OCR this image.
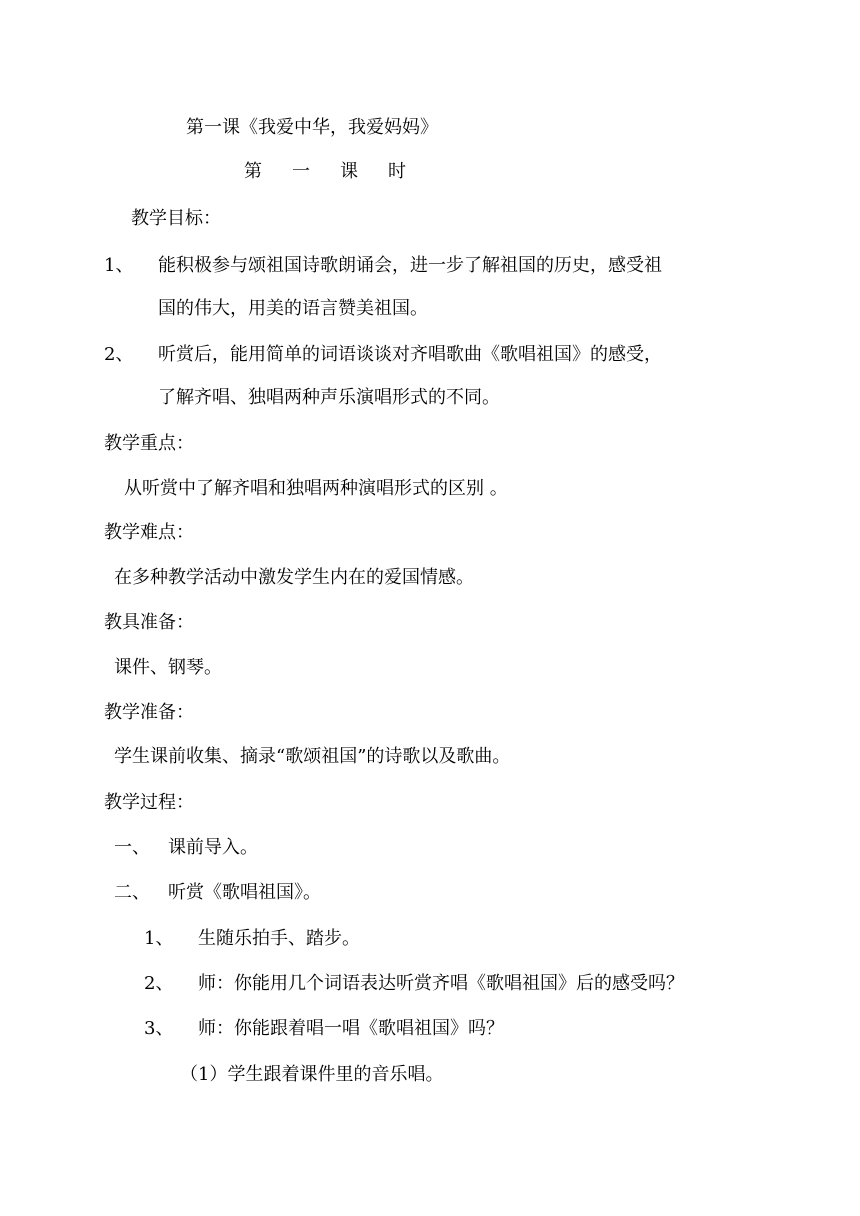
第一课《我爱中华，我爱妈妈》
第　一　课　时
教学目标：
1、 能积极参与颂祖国诗歌朗诵会，进一步了解祖国的历史，感受祖
国的伟大，用美的语言赞美祖国。
2、 听赏后，能用简单的词语谈谈对齐唱歌曲《歌唱祖国》的感受，
了解齐唱、独唱两种声乐演唱形式的不同。
教学重点：
从听赏中了解齐唱和独唱两种演唱形式的区别 。
教学难点：
在多种教学活动中激发学生内在的爱国情感。
教具准备：
课件、钢琴。
教学准备：
学生课前收集、摘录“歌颂祖国”的诗歌以及歌曲。
教学过程：
一、 课前导入。
二、 听赏《歌唱祖国》。
1、 生随乐拍手、踏步。
2、 师：你能用几个词语表达听赏齐唱《歌唱祖国》后的感受吗？
3、 师：你能跟着唱一唱《歌唱祖国》吗？
（1）学生跟着课件里的音乐唱。
